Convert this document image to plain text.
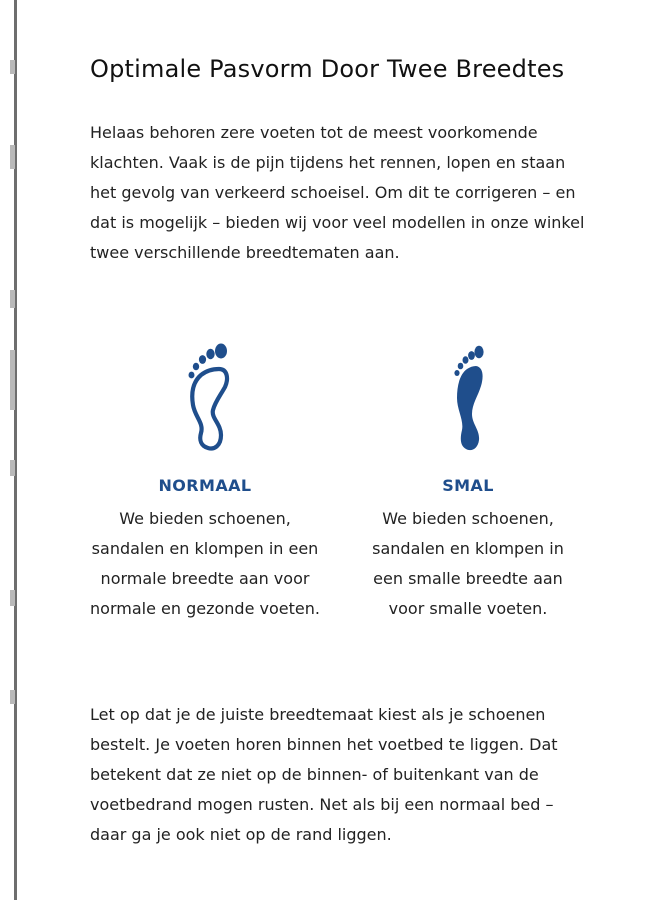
Optimale Pasvorm Door Twee Breedtes

Helaas behoren zere voeten tot de meest voorkomende klachten. Vaak is de pijn tijdens het rennen, lopen en staan het gevolg van verkeerd schoeisel. Om dit te corrigeren – en dat is mogelijk – bieden wij voor veel modellen in onze winkel twee verschillende breedtematen aan.

NORMAAL
We bieden schoenen, sandalen en klompen in een normale breedte aan voor normale en gezonde voeten.
SMAL
We bieden schoenen, sandalen en klompen in een smalle breedte aan voor smalle voeten.

Let op dat je de juiste breedtemaat kiest als je schoenen bestelt. Je voeten horen binnen het voetbed te liggen. Dat betekent dat ze niet op de binnen- of buitenkant van de voetbedrand mogen rusten. Net als bij een normaal bed – daar ga je ook niet op de rand liggen.
